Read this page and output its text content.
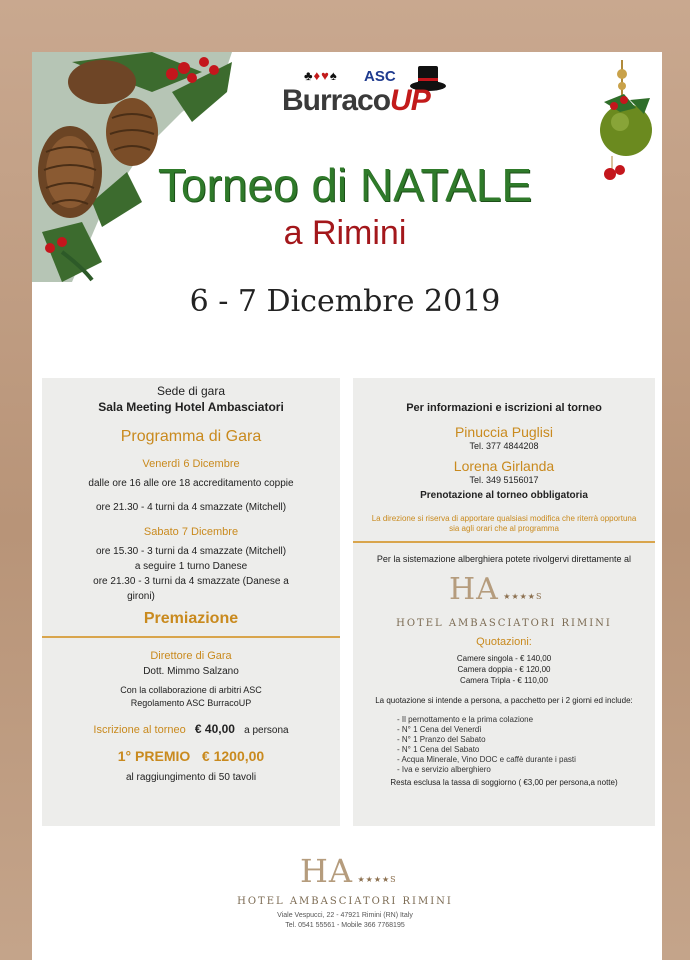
♣♦♥♠ ASC
BurracoUP
Torneo di NATALE
a Rimini
6 - 7 Dicembre 2019
Sede di gara
Sala Meeting Hotel Ambasciatori
Programma di Gara
Venerdì 6 Dicembre
dalle ore 16 alle ore 18 accreditamento coppie
ore 21.30 - 4 turni da 4 smazzate (Mitchell)
Sabato 7 Dicembre
ore 15.30 - 3 turni da 4 smazzate (Mitchell)
a seguire 1 turno Danese
ore 21.30 - 3 turni da 4 smazzate (Danese a
gironi)
Premiazione
Direttore di Gara
Dott. Mimmo Salzano
Con la collaborazione di arbitri ASC
Regolamento ASC BurracoUP
Iscrizione al torneo € 40,00 a persona
1° PREMIO   € 1200,00
al raggiungimento di 50 tavoli
Per informazioni e iscrizioni al torneo
Pinuccia Puglisi
Tel. 377 4844208
Lorena Girlanda
Tel. 349 5156017
Prenotazione al torneo obbligatoria
La direzione si riserva di apportare qualsiasi modifica che riterrà opportuna
sia agli orari che al programma
Per la sistemazione alberghiera potete rivolgervi direttamente al
HA ★★★★S
HOTEL AMBASCIATORI RIMINI
Quotazioni:
Camere singola - € 140,00
Camera doppia - € 120,00
Camera Tripla - € 110,00
La quotazione si intende a persona, a pacchetto per i 2 giorni ed include:
- Il pernottamento e la prima colazione
- N° 1 Cena del Venerdì
- N° 1 Pranzo del Sabato
- N° 1 Cena del Sabato
- Acqua Minerale, Vino DOC e caffè durante i pasti
- Iva e servizio alberghiero
Resta esclusa la tassa di soggiorno ( €3,00 per persona,a notte)
HA ★★★★S
HOTEL AMBASCIATORI RIMINI
Viale Vespucci, 22 - 47921 Rimini (RN) Italy
Tel. 0541 55561 - Mobile 366 7768195
